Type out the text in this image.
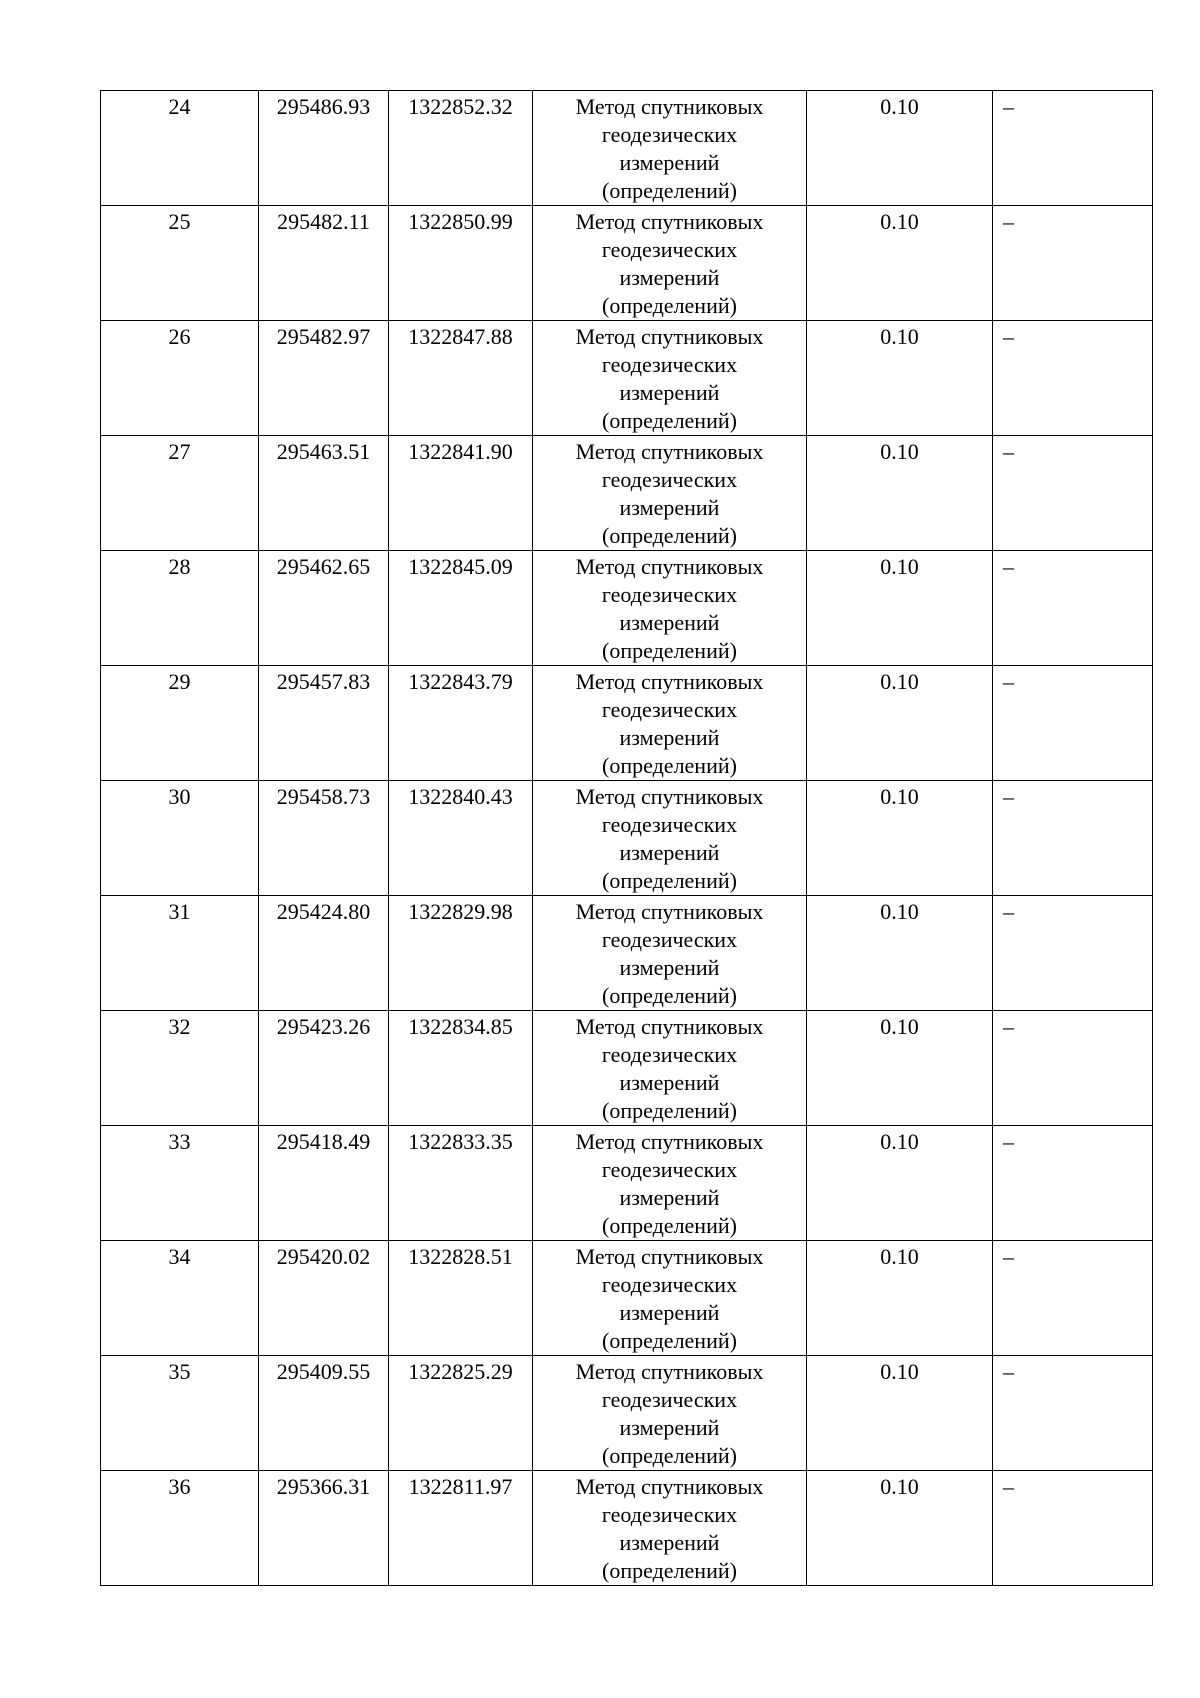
24	295486.93	1322852.32	Метод спутниковых
геодезических
измерений
(определений)	0.10	–
25	295482.11	1322850.99	Метод спутниковых
геодезических
измерений
(определений)	0.10	–
26	295482.97	1322847.88	Метод спутниковых
геодезических
измерений
(определений)	0.10	–
27	295463.51	1322841.90	Метод спутниковых
геодезических
измерений
(определений)	0.10	–
28	295462.65	1322845.09	Метод спутниковых
геодезических
измерений
(определений)	0.10	–
29	295457.83	1322843.79	Метод спутниковых
геодезических
измерений
(определений)	0.10	–
30	295458.73	1322840.43	Метод спутниковых
геодезических
измерений
(определений)	0.10	–
31	295424.80	1322829.98	Метод спутниковых
геодезических
измерений
(определений)	0.10	–
32	295423.26	1322834.85	Метод спутниковых
геодезических
измерений
(определений)	0.10	–
33	295418.49	1322833.35	Метод спутниковых
геодезических
измерений
(определений)	0.10	–
34	295420.02	1322828.51	Метод спутниковых
геодезических
измерений
(определений)	0.10	–
35	295409.55	1322825.29	Метод спутниковых
геодезических
измерений
(определений)	0.10	–
36	295366.31	1322811.97	Метод спутниковых
геодезических
измерений
(определений)	0.10	–
